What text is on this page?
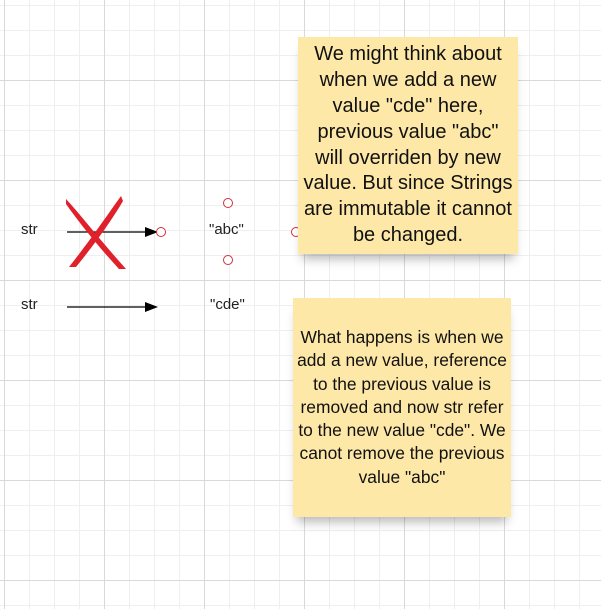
str	"abc"
str	"cde"
We might think about when we add a new value "cde" here, previous value "abc" will overriden by new value. But since Strings are immutable it cannot be changed.
What happens is when we add a new value, reference to the previous value is removed and now str refer to the new value "cde". We canot remove the previous value "abc"
